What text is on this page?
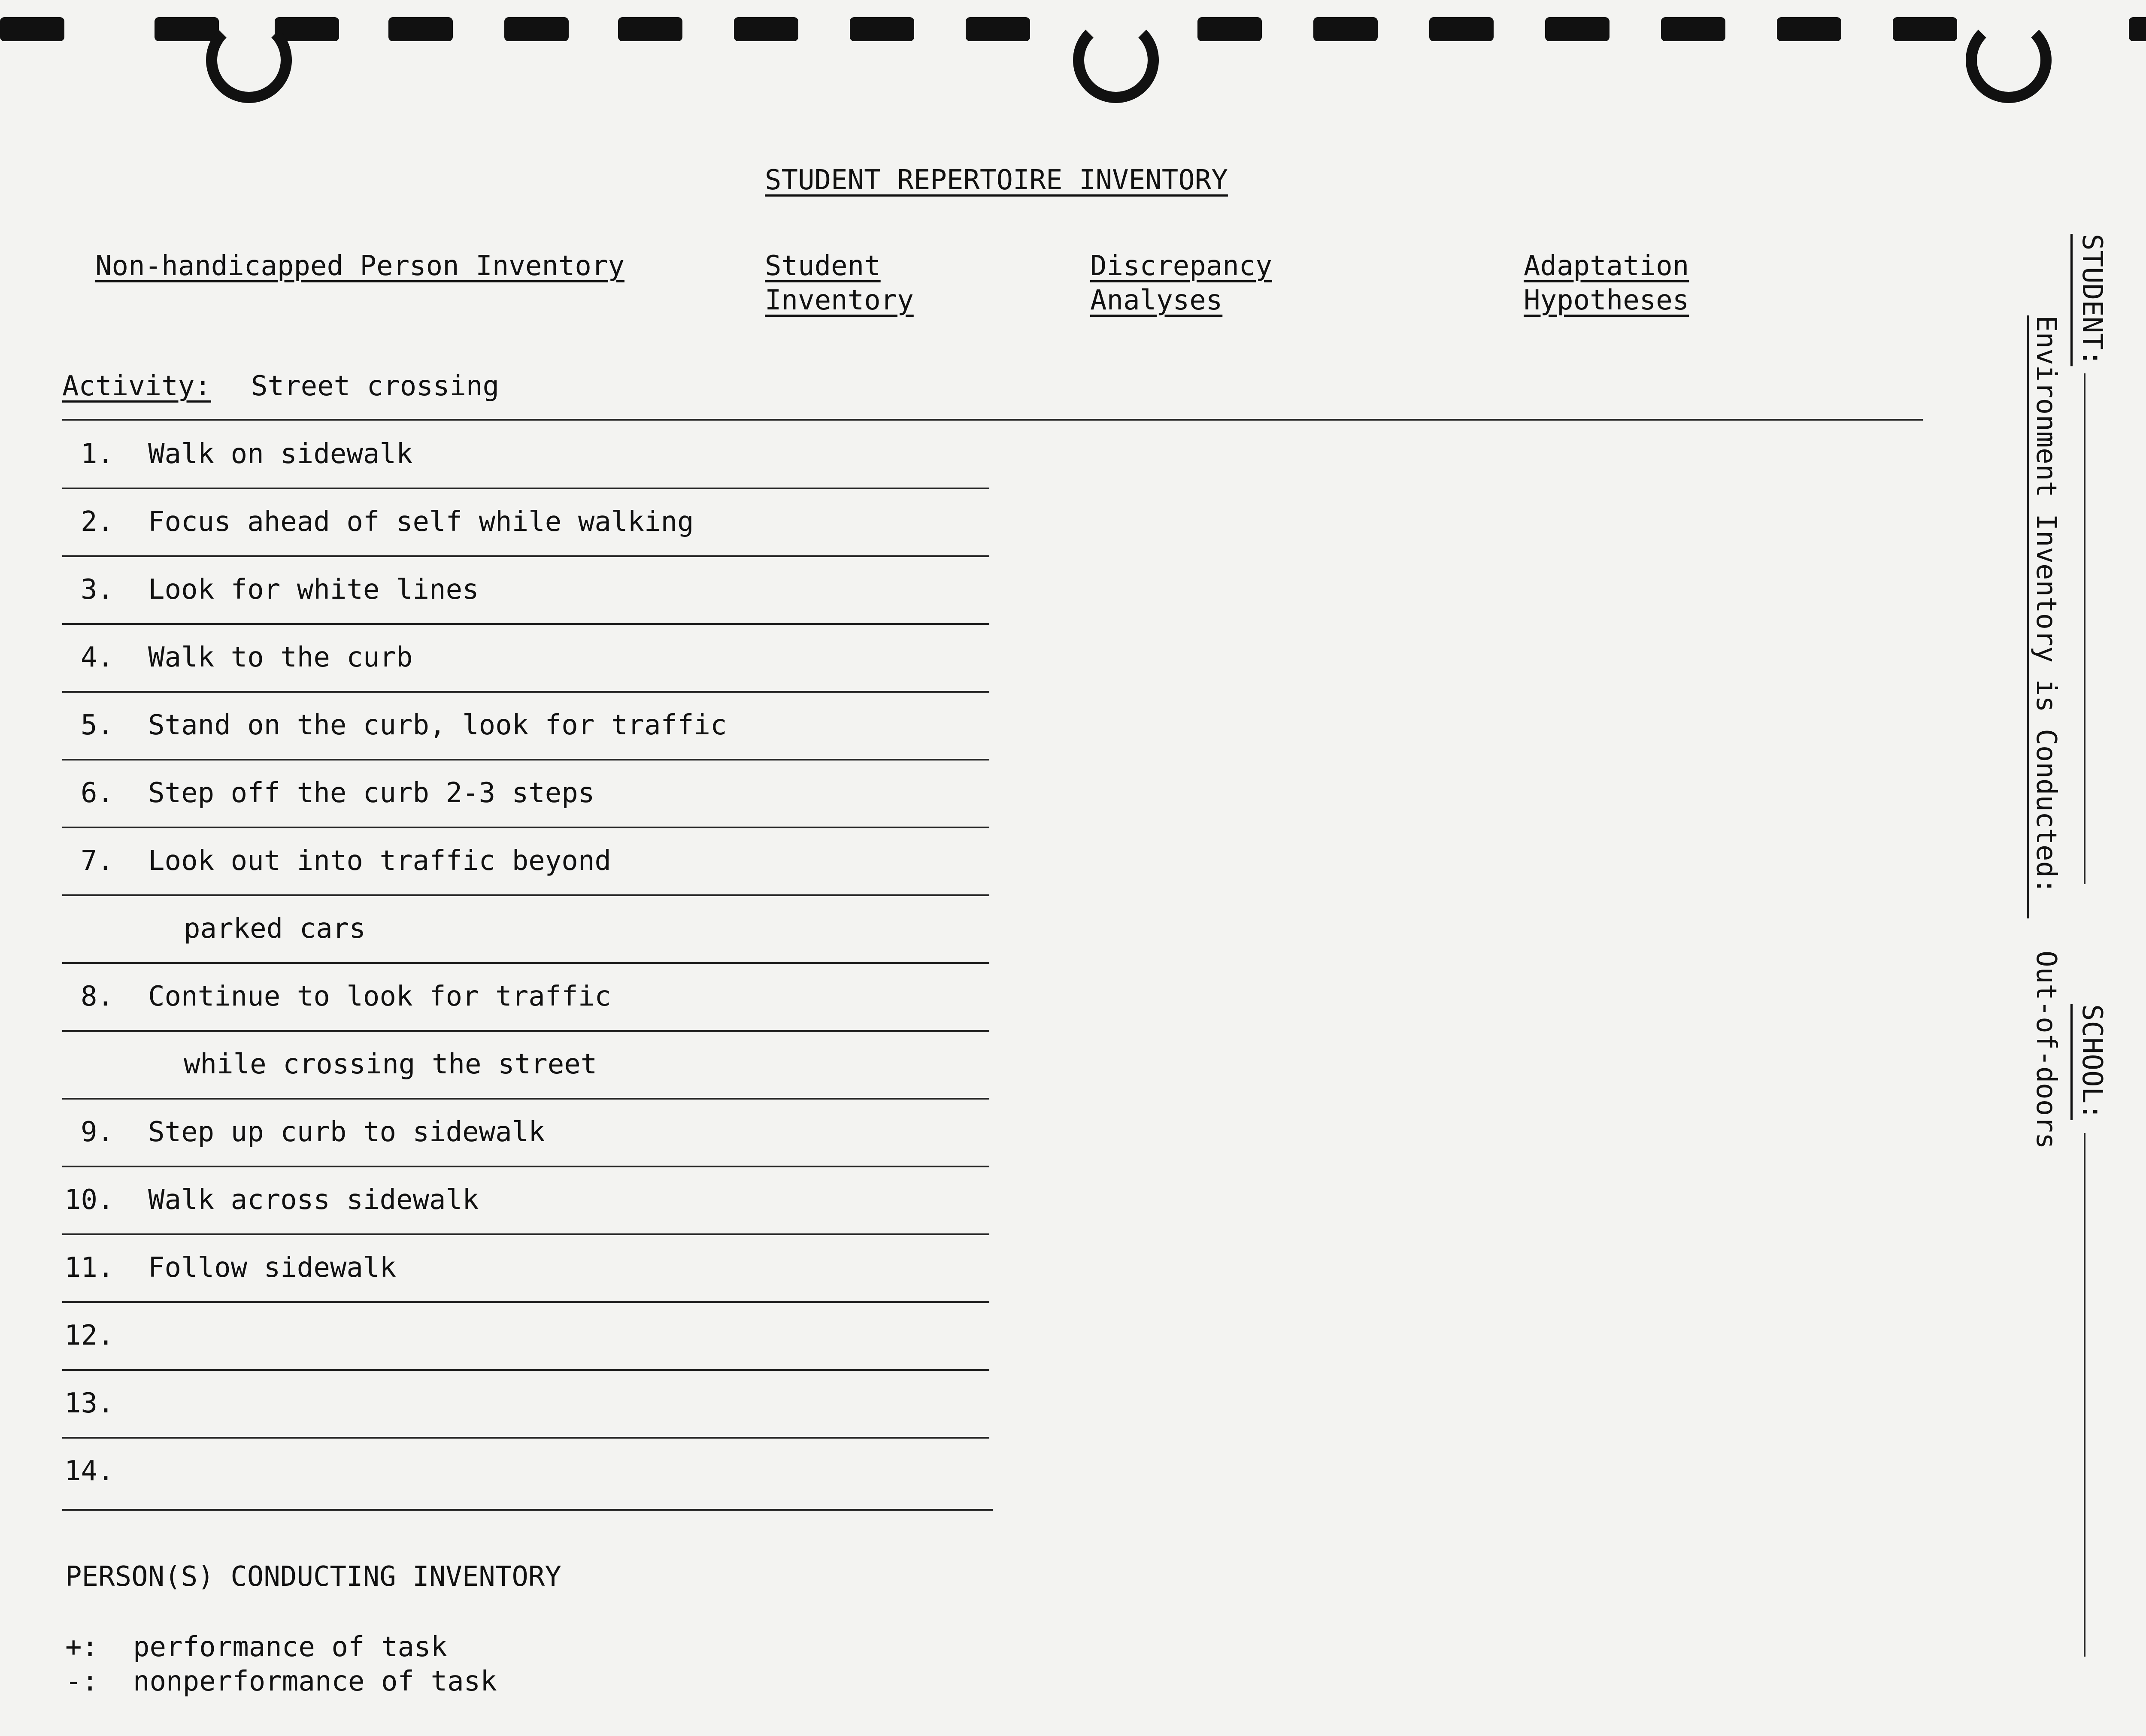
STUDENT REPERTOIRE INVENTORY
Non-handicapped Person Inventory	Student
Inventory
Discrepancy
Analyses
Adaptation
Hypotheses
Activity: Street crossing
1. Walk on sidewalk
2. Focus ahead of self while walking
3. Look for white lines
4. Walk to the curb
5. Stand on the curb, look for traffic
6. Step off the curb 2-3 steps
7. Look out into traffic beyond
parked cars
8. Continue to look for traffic
while crossing the street
9. Step up curb to sidewalk
10. Walk across sidewalk
11. Follow sidewalk
12.
13.
14.
PERSON(S) CONDUCTING INVENTORY
+: performance of task
-: nonperformance of task
STUDENT:
Environment Inventory is Conducted:
Out-of-doors SCHOOL:
